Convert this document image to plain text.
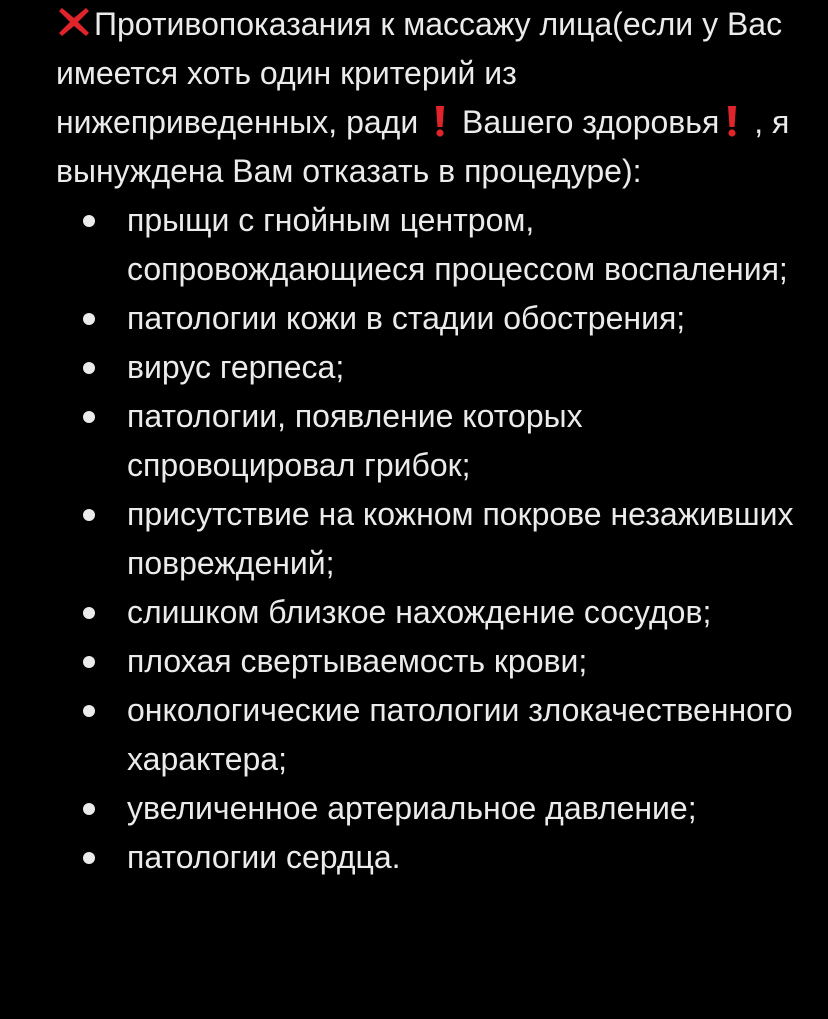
Противопоказания к массажу лица(если у Вас имеется хоть один критерий из нижеприведенных, ради Вашего здоровья , я вынуждена Вам отказать в процедуре):

прыщи с гнойным центром, сопровождающиеся процессом воспаления;
патологии кожи в стадии обострения;
вирус герпеса;
патологии, появление которых спровоцировал грибок;
присутствие на кожном покрове незаживших повреждений;
слишком близкое нахождение сосудов;
плохая свертываемость крови;
онкологические патологии злокачественного характера;
увеличенное артериальное давление;
патологии сердца.
